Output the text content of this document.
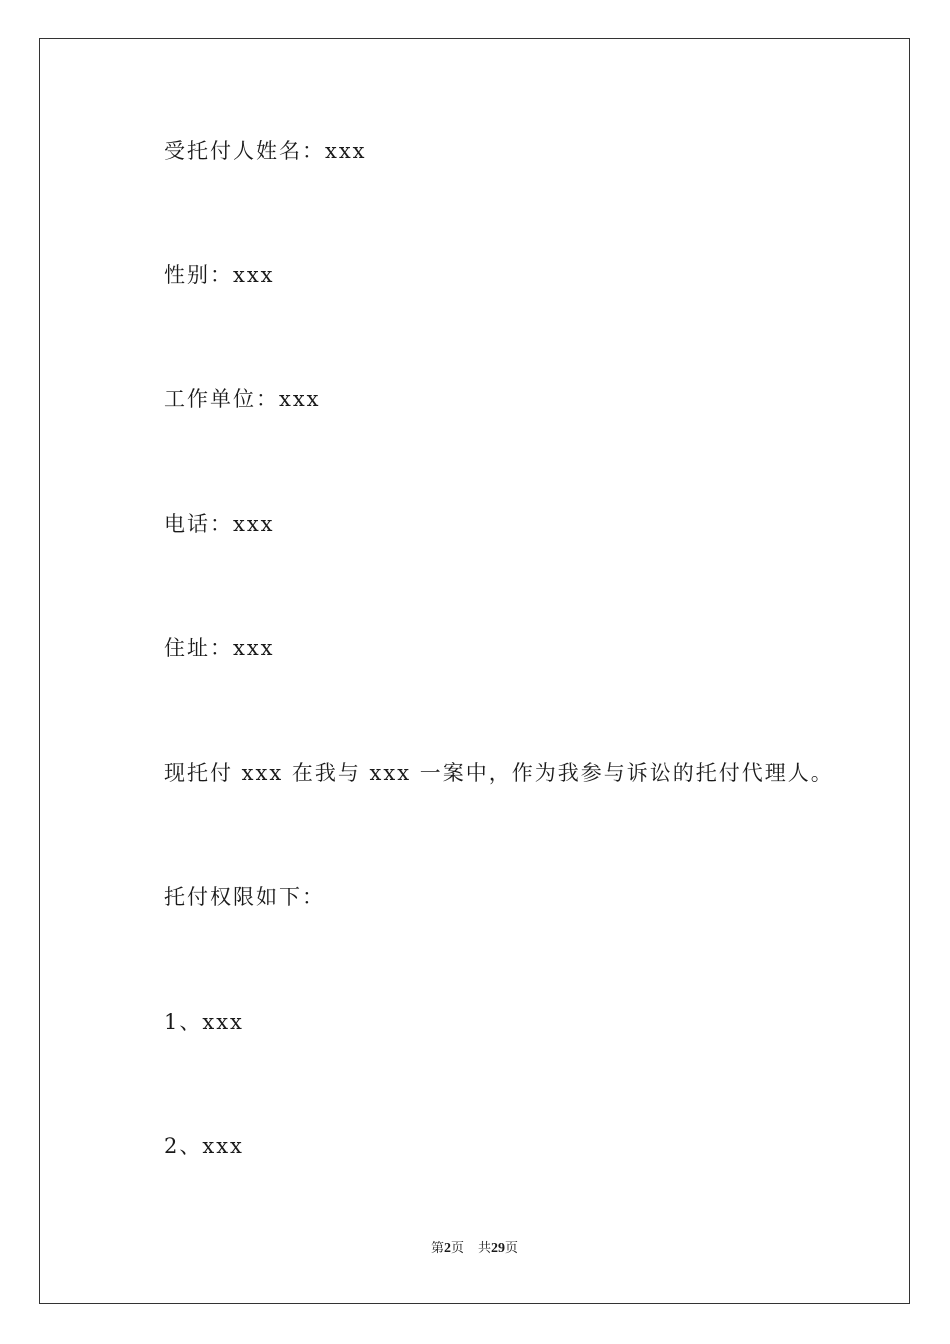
受托付人姓名：xxx
性别：xxx
工作单位：xxx
电话：xxx
住址：xxx
现托付 xxx 在我与 xxx 一案中，作为我参与诉讼的托付代理人。
托付权限如下：
1、xxx
2、xxx
第2页 共29页
